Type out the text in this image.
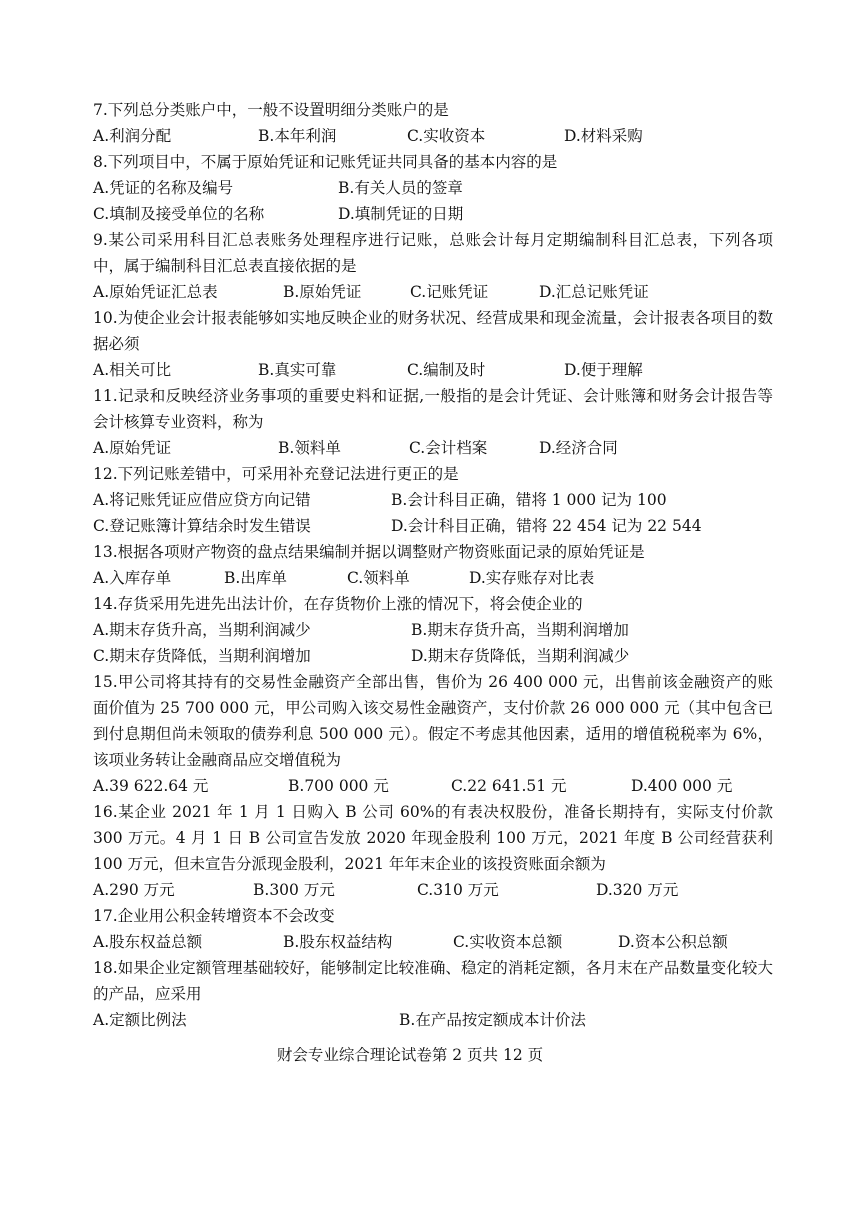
7.下列总分类账户中，一般不设置明细分类账户的是
A.利润分配	B.本年利润	C.实收资本	D.材料采购
8.下列项目中，不属于原始凭证和记账凭证共同具备的基本内容的是
A.凭证的名称及编号	B.有关人员的签章
C.填制及接受单位的名称	D.填制凭证的日期
9.某公司采用科目汇总表账务处理程序进行记账，总账会计每月定期编制科目汇总表，下列各项中，属于编制科目汇总表直接依据的是
A.原始凭证汇总表	B.原始凭证	C.记账凭证	D.汇总记账凭证
10.为使企业会计报表能够如实地反映企业的财务状况、经营成果和现金流量，会计报表各项目的数据必须
A.相关可比	B.真实可靠	C.编制及时	D.便于理解
11.记录和反映经济业务事项的重要史料和证据,一般指的是会计凭证、会计账簿和财务会计报告等会计核算专业资料，称为
A.原始凭证	B.领料单	C.会计档案	D.经济合同
12.下列记账差错中，可采用补充登记法进行更正的是
A.将记账凭证应借应贷方向记错	B.会计科目正确，错将 1 000 记为 100
C.登记账簿计算结余时发生错误	D.会计科目正确，错将 22 454 记为 22 544
13.根据各项财产物资的盘点结果编制并据以调整财产物资账面记录的原始凭证是
A.入库存单	B.出库单	C.领料单	D.实存账存对比表
14.存货采用先进先出法计价，在存货物价上涨的情况下，将会使企业的
A.期末存货升高，当期利润减少	B.期末存货升高，当期利润增加
C.期末存货降低，当期利润增加	D.期末存货降低，当期利润减少
15.甲公司将其持有的交易性金融资产全部出售，售价为 26 400 000 元，出售前该金融资产的账面价值为 25 700 000 元，甲公司购入该交易性金融资产，支付价款 26 000 000 元（其中包含已到付息期但尚未领取的债券利息 500 000 元）。假定不考虑其他因素，适用的增值税税率为 6%，该项业务转让金融商品应交增值税为
A.39 622.64 元	B.700 000 元	C.22 641.51 元	D.400 000 元
16.某企业 2021 年 1 月 1 日购入 B 公司 60%的有表决权股份，准备长期持有，实际支付价款 300 万元。4 月 1 日 B 公司宣告发放 2020 年现金股利 100 万元，2021 年度 B 公司经营获利 100 万元，但未宣告分派现金股利，2021 年年末企业的该投资账面余额为
A.290 万元	B.300 万元	C.310 万元	D.320 万元
17.企业用公积金转增资本不会改变
A.股东权益总额	B.股东权益结构	C.实收资本总额	D.资本公积总额
18.如果企业定额管理基础较好，能够制定比较准确、稳定的消耗定额，各月末在产品数量变化较大的产品，应采用
A.定额比例法	B.在产品按定额成本计价法
财会专业综合理论试卷第 2 页共 12 页
